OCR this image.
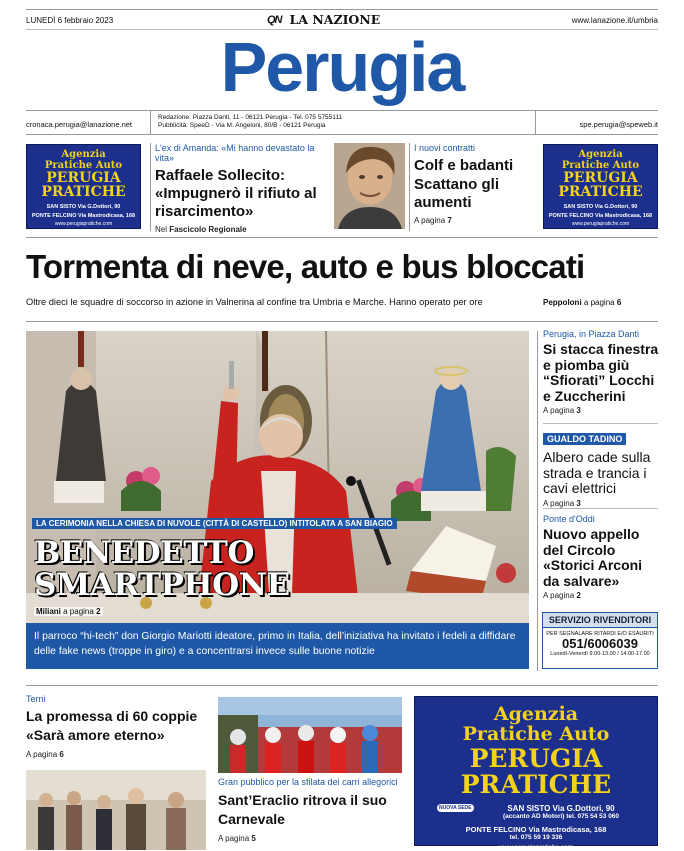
LUNEDÌ 6 febbraio 2023	QN LA NAZIONE	www.lanazione.it/umbria
Perugia
cronaca.perugia@lanazione.net
Redazione: Piazza Danti, 11 - 06121 Perugia - Tel. 075 5755111
Pubblicità: SpeeD - Via M. Angeloni, 80/B - 06121 Perugia	spe.perugia@speweb.it
Agenzia
Pratiche Auto
PERUGIA
PRATICHE
SAN SISTO Via G.Dottori, 90
PONTE FELCINO Via Mastrodicasa, 168
www.perugiapratiche.com
L'ex di Amanda: «Mi hanno devastato la vita»
Raffaele Sollecito: «Impugnerò il rifiuto al risarcimento»
Nel Fascicolo Regionale
I nuovi contratti
Colf e badanti Scattano gli aumenti
A pagina 7
Agenzia
Pratiche Auto
PERUGIA
PRATICHE
SAN SISTO Via G.Dottori, 90
PONTE FELCINO Via Mastrodicasa, 168
www.perugiapratiche.com
Tormenta di neve, auto e bus bloccati
Oltre dieci le squadre di soccorso in azione in Valnerina al confine tra Umbria e Marche. Hanno operato per ore	Peppoloni a pagina 6
LA CERIMONIA NELLA CHIESA DI NUVOLE (CITTÀ DI CASTELLO) INTITOLATA A SAN BIAGIO
BENEDETTO
SMARTPHONE
Miliani a pagina 2
Il parroco “hi-tech” don Giorgio Mariotti ideatore, primo in Italia, dell’iniziativa ha invitato i fedeli a diffidare delle fake news (troppe in giro) e a concentrarsi invece sulle buone notizie
Perugia, in Piazza Danti
Si stacca finestra e piomba giù “Sfiorati” Locchi e Zuccherini
A pagina 3
GUALDO TADINO
Albero cade sulla strada e trancia i cavi elettrici
A pagina 3
Ponte d'Oddi
Nuovo appello del Circolo «Storici Arconi da salvare»
A pagina 2
SERVIZIO RIVENDITORI
PER SEGNALARE RITARDI E/O ESAURITI
051/6006039
Lunedì-Venerdì 9.00-13.00 / 14.00-17.00
Terni
La promessa di 60 coppie «Sarà amore eterno»
A pagina 6
Gran pubblico per la sfilata dei carri allegorici
Sant’Eraclio ritrova il suo Carnevale
A pagina 5
Agenzia
Pratiche Auto
PERUGIA
PRATICHE
NUOVA SEDE	SAN SISTO Via G.Dottori, 90
(accanto AD Motori) tel. 075 54 53 060
PONTE FELCINO Via Mastrodicasa, 168
tel. 075 59 19 336
www.perugiapratiche.com
